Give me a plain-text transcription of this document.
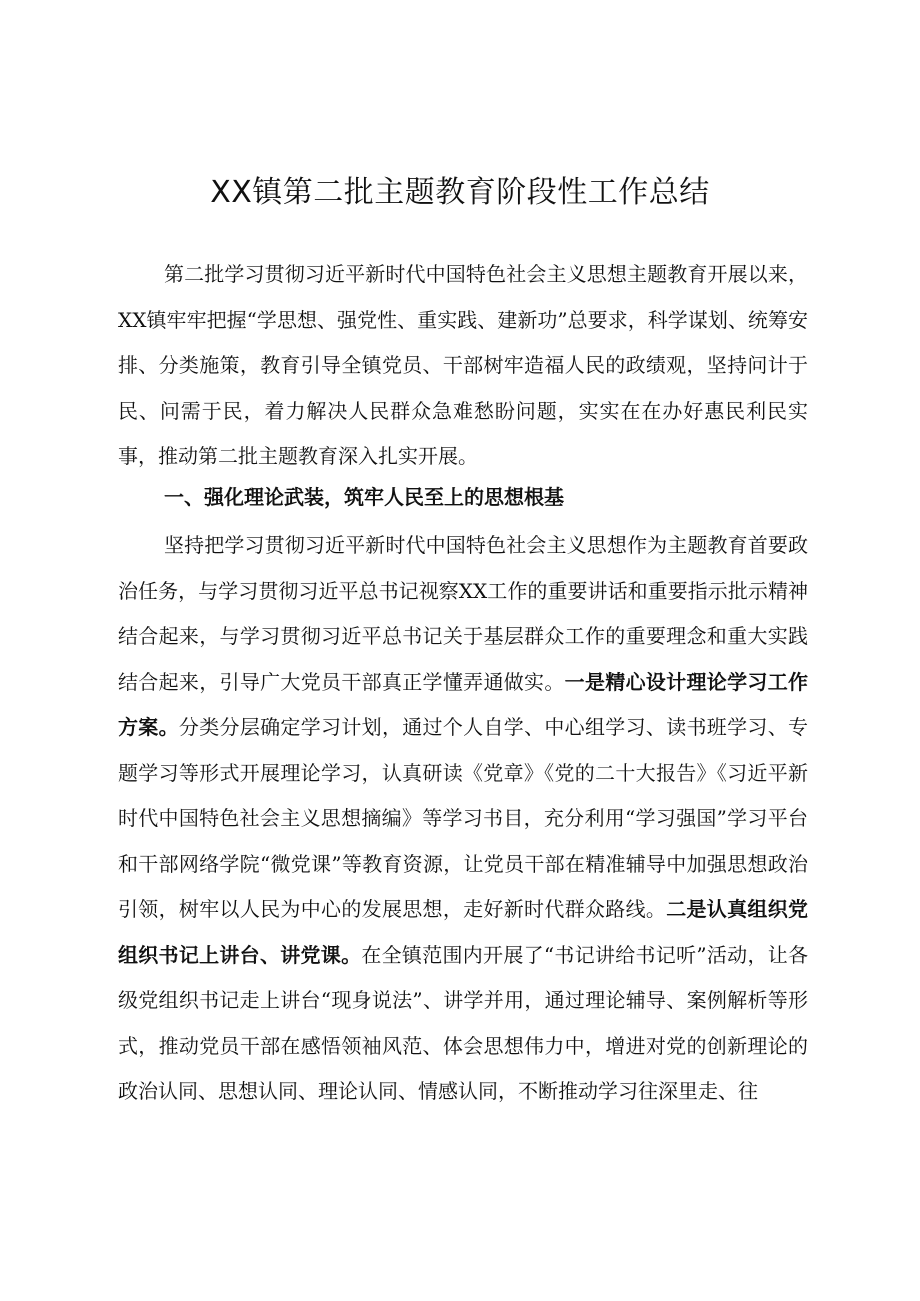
XX镇第二批主题教育阶段性工作总结

第二批学习贯彻习近平新时代中国特色社会主义思想主题教育开展以来，XX镇牢牢把握“学思想、强党性、重实践、建新功”总要求，科学谋划、统筹安排、分类施策，教育引导全镇党员、干部树牢造福人民的政绩观，坚持问计于民、问需于民，着力解决人民群众急难愁盼问题，实实在在办好惠民利民实事，推动第二批主题教育深入扎实开展。

一、强化理论武装，筑牢人民至上的思想根基

坚持把学习贯彻习近平新时代中国特色社会主义思想作为主题教育首要政治任务，与学习贯彻习近平总书记视察XX工作的重要讲话和重要指示批示精神结合起来，与学习贯彻习近平总书记关于基层群众工作的重要理念和重大实践结合起来，引导广大党员干部真正学懂弄通做实。一是精心设计理论学习工作方案。分类分层确定学习计划，通过个人自学、中心组学习、读书班学习、专题学习等形式开展理论学习，认真研读《党章》《党的二十大报告》《习近平新时代中国特色社会主义思想摘编》等学习书目，充分利用“学习强国”学习平台和干部网络学院“微党课”等教育资源，让党员干部在精准辅导中加强思想政治引领，树牢以人民为中心的发展思想，走好新时代群众路线。二是认真组织党组织书记上讲台、讲党课。在全镇范围内开展了“书记讲给书记听”活动，让各级党组织书记走上讲台“现身说法”、讲学并用，通过理论辅导、案例解析等形式，推动党员干部在感悟领袖风范、体会思想伟力中，增进对党的创新理论的政治认同、思想认同、理论认同、情感认同，不断推动学习往深里走、往
